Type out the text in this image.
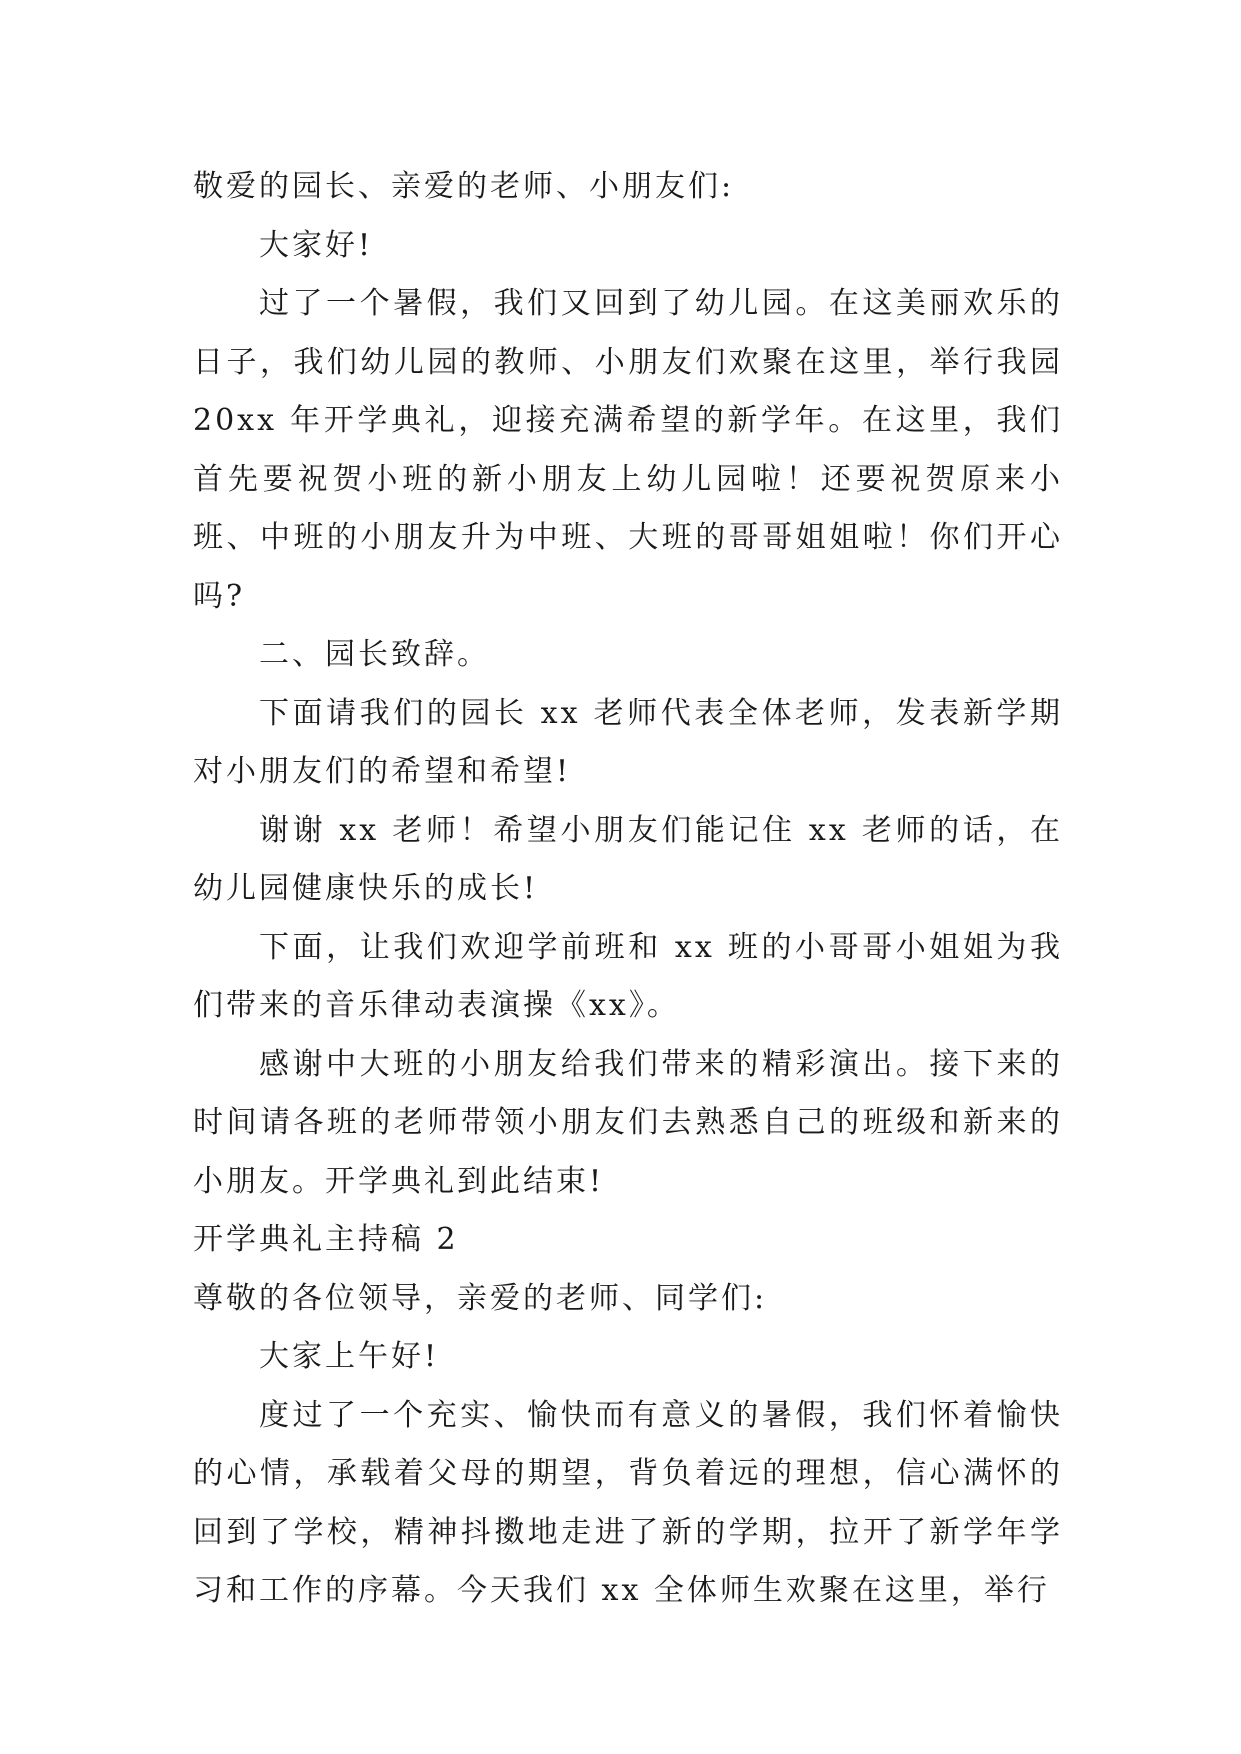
敬爱的园长、亲爱的老师、小朋友们:

大家好!

过了一个暑假，我们又回到了幼儿园。在这美丽欢乐的日子，我们幼儿园的教师、小朋友们欢聚在这里，举行我园 20xx 年开学典礼，迎接充满希望的新学年。在这里，我们首先要祝贺小班的新小朋友上幼儿园啦！还要祝贺原来小班、中班的小朋友升为中班、大班的哥哥姐姐啦！你们开心吗?

二、园长致辞。

下面请我们的园长 xx 老师代表全体老师，发表新学期对小朋友们的希望和希望!

谢谢 xx 老师！希望小朋友们能记住 xx 老师的话，在幼儿园健康快乐的成长!

下面，让我们欢迎学前班和 xx 班的小哥哥小姐姐为我们带来的音乐律动表演操《xx》。

感谢中大班的小朋友给我们带来的精彩演出。接下来的时间请各班的老师带领小朋友们去熟悉自己的班级和新来的小朋友。开学典礼到此结束!

开学典礼主持稿 2

尊敬的各位领导，亲爱的老师、同学们:

大家上午好!

度过了一个充实、愉快而有意义的暑假，我们怀着愉快的心情，承载着父母的期望，背负着远的理想，信心满怀的回到了学校，精神抖擞地走进了新的学期，拉开了新学年学习和工作的序幕。今天我们 xx 全体师生欢聚在这里，举行
